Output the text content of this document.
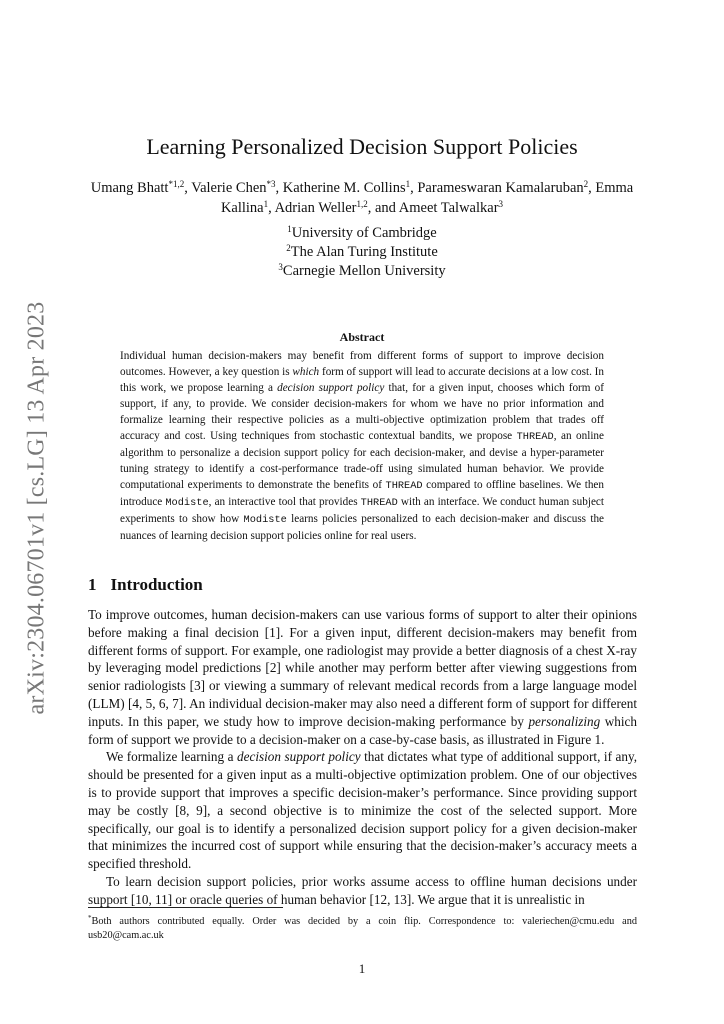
arXiv:2304.06701v1 [cs.LG] 13 Apr 2023
Learning Personalized Decision Support Policies
Umang Bhatt$^{*1,2}$, Valerie Chen$^{*3}$, Katherine M. Collins$^1$, Parameswaran Kamalaruban$^2$, Emma Kallina$^1$, Adrian Weller$^{1,2}$, and Ameet Talwalkar$^3$
$^1$University of Cambridge
$^2$The Alan Turing Institute
$^3$Carnegie Mellon University
Abstract
Individual human decision-makers may benefit from different forms of support to improve decision outcomes. However, a key question is which form of support will lead to accurate decisions at a low cost. In this work, we propose learning a decision support policy that, for a given input, chooses which form of support, if any, to provide. We consider decision-makers for whom we have no prior information and formalize learning their respective policies as a multi-objective optimization problem that trades off accuracy and cost. Using techniques from stochastic contextual bandits, we propose THREAD, an online algorithm to personalize a decision support policy for each decision-maker, and devise a hyper-parameter tuning strategy to identify a cost-performance trade-off using simulated human behavior. We provide computational experiments to demonstrate the benefits of THREAD compared to offline baselines. We then introduce Modiste, an interactive tool that provides THREAD with an interface. We conduct human subject experiments to show how Modiste learns policies personalized to each decision-maker and discuss the nuances of learning decision support policies online for real users.
1 Introduction

To improve outcomes, human decision-makers can use various forms of support to alter their opinions before making a final decision [1]. For a given input, different decision-makers may benefit from different forms of support. For example, one radiologist may provide a better diagnosis of a chest X-ray by leveraging model predictions [2] while another may perform better after viewing suggestions from senior radiologists [3] or viewing a summary of relevant medical records from a large language model (LLM) [4, 5, 6, 7]. An individual decision-maker may also need a different form of support for different inputs. In this paper, we study how to improve decision-making performance by personalizing which form of support we provide to a decision-maker on a case-by-case basis, as illustrated in Figure 1.

We formalize learning a decision support policy that dictates what type of additional support, if any, should be presented for a given input as a multi-objective optimization problem. One of our objectives is to provide support that improves a specific decision-maker’s performance. Since providing support may be costly [8, 9], a second objective is to minimize the cost of the selected support. More specifically, our goal is to identify a personalized decision support policy for a given decision-maker that minimizes the incurred cost of support while ensuring that the decision-maker’s accuracy meets a specified threshold.

To learn decision support policies, prior works assume access to offline human decisions under support [10, 11] or oracle queries of human behavior [12, 13]. We argue that it is unrealistic in

*Both authors contributed equally. Order was decided by a coin flip. Correspondence to: valeriechen@cmu.edu and usb20@cam.ac.uk
1
